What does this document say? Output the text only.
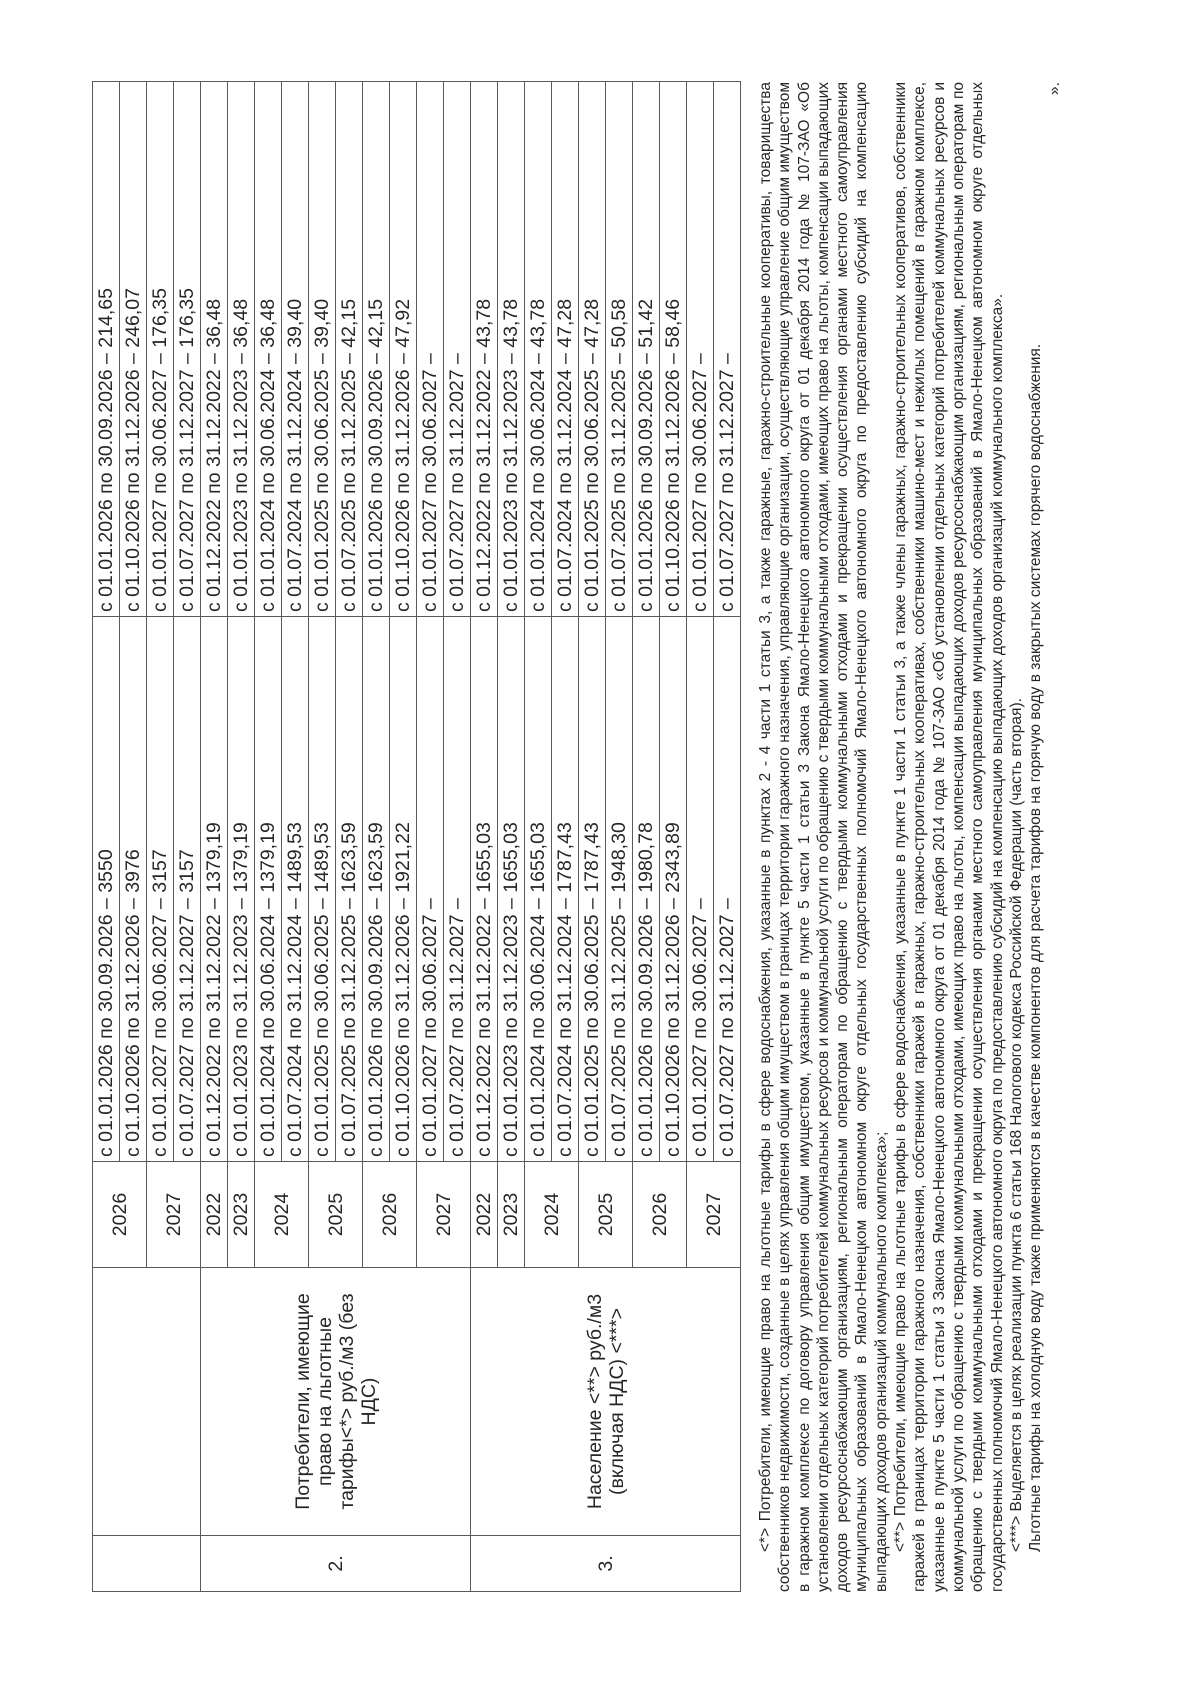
		2026	с 01.01.2026 по 30.09.2026 – 3550	с 01.01.2026 по 30.09.2026 – 214,65
			с 01.10.2026 по 31.12.2026 – 3976	с 01.10.2026 по 31.12.2026 – 246,07
		2027	с 01.01.2027 по 30.06.2027 – 3157	с 01.01.2027 по 30.06.2027 – 176,35
			с 01.07.2027 по 31.12.2027 – 3157	с 01.07.2027 по 31.12.2027 – 176,35
2.	Потребители, имеющие право на льготные тарифы<*> руб./м3 (без НДС)	2022	с 01.12.2022 по 31.12.2022 – 1379,19	с 01.12.2022 по 31.12.2022 – 36,48
		2023	с 01.01.2023 по 31.12.2023 – 1379,19	с 01.01.2023 по 31.12.2023 – 36,48
		2024	с 01.01.2024 по 30.06.2024 – 1379,19	с 01.01.2024 по 30.06.2024 – 36,48
			с 01.07.2024 по 31.12.2024 – 1489,53	с 01.07.2024 по 31.12.2024 – 39,40
		2025	с 01.01.2025 по 30.06.2025 – 1489,53	с 01.01.2025 по 30.06.2025 – 39,40
			с 01.07.2025 по 31.12.2025 – 1623,59	с 01.07.2025 по 31.12.2025 – 42,15
		2026	с 01.01.2026 по 30.09.2026 – 1623,59	с 01.01.2026 по 30.09.2026 – 42,15
			с 01.10.2026 по 31.12.2026 – 1921,22	с 01.10.2026 по 31.12.2026 – 47,92
		2027	с 01.01.2027 по 30.06.2027 –	с 01.01.2027 по 30.06.2027 –
			с 01.07.2027 по 31.12.2027 –	с 01.07.2027 по 31.12.2027 –
3.	Население <**> руб./м3 (включая НДС) <***>	2022	с 01.12.2022 по 31.12.2022 – 1655,03	с 01.12.2022 по 31.12.2022 – 43,78
		2023	с 01.01.2023 по 31.12.2023 – 1655,03	с 01.01.2023 по 31.12.2023 – 43,78
		2024	с 01.01.2024 по 30.06.2024 – 1655,03	с 01.01.2024 по 30.06.2024 – 43,78
			с 01.07.2024 по 31.12.2024 – 1787,43	с 01.07.2024 по 31.12.2024 – 47,28
		2025	с 01.01.2025 по 30.06.2025 – 1787,43	с 01.01.2025 по 30.06.2025 – 47,28
			с 01.07.2025 по 31.12.2025 – 1948,30	с 01.07.2025 по 31.12.2025 – 50,58
		2026	с 01.01.2026 по 30.09.2026 – 1980,78	с 01.01.2026 по 30.09.2026 – 51,42
			с 01.10.2026 по 31.12.2026 – 2343,89	с 01.10.2026 по 31.12.2026 – 58,46
		2027	с 01.01.2027 по 30.06.2027 –	с 01.01.2027 по 30.06.2027 –
			с 01.07.2027 по 31.12.2027 –	с 01.07.2027 по 31.12.2027 – <*> Потребители, имеющие право на льготные тарифы в сфере водоснабжения, указанные в пунктах 2 - 4 части 1 статьи 3, а также гаражные, гаражно-строительные кооперативы, товарищества собственников недвижимости, созданные в целях управления общим имуществом в границах территории гаражного назначения, управляющие организации, осуществляющие управление общим имуществом в гаражном комплексе по договору управления общим имуществом, указанные в пункте 5 части 1 статьи 3 Закона Ямало-Ненецкого автономного округа от 01 декабря 2014 года № 107-ЗАО «Об установлении отдельных категорий потребителей коммунальных ресурсов и коммунальной услуги по обращению с твердыми коммунальными отходами, имеющих право на льготы, компенсации выпадающих доходов ресурсоснабжающим организациям, региональным операторам по обращению с твердыми коммунальными отходами и прекращении осуществления органами местного самоуправления муниципальных образований в Ямало-Ненецком автономном округе отдельных государственных полномочий Ямало-Ненецкого автономного округа по предоставлению субсидий на компенсацию выпадающих доходов организаций коммунального комплекса»; <**> Потребители, имеющие право на льготные тарифы в сфере водоснабжения, указанные в пункте 1 части 1 статьи 3, а также члены гаражных, гаражно-строительных кооперативов, собственники гаражей в границах территории гаражного назначения, собственники гаражей в гаражных, гаражно-строительных кооперативах, собственники машино-мест и нежилых помещений в гаражном комплексе, указанные в пункте 5 части 1 статьи 3 Закона Ямало-Ненецкого автономного округа от 01 декабря 2014 года № 107-ЗАО «Об установлении отдельных категорий потребителей коммунальных ресурсов и коммунальной услуги по обращению с твердыми коммунальными отходами, имеющих право на льготы, компенсации выпадающих доходов ресурсоснабжающим организациям, региональным операторам по обращению с твердыми коммунальными отходами и прекращении осуществления органами местного самоуправления муниципальных образований в Ямало-Ненецком автономном округе отдельных государственных полномочий Ямало-Ненецкого автономного округа по предоставлению субсидий на компенсацию выпадающих доходов организаций коммунального комплекса». <***> Выделяется в целях реализации пункта 6 статьи 168 Налогового кодекса Российской Федерации (часть вторая). Льготные тарифы на холодную воду также применяются в качестве компонентов для расчета тарифов на горячую воду в закрытых системах горячего водоснабжения.

».
